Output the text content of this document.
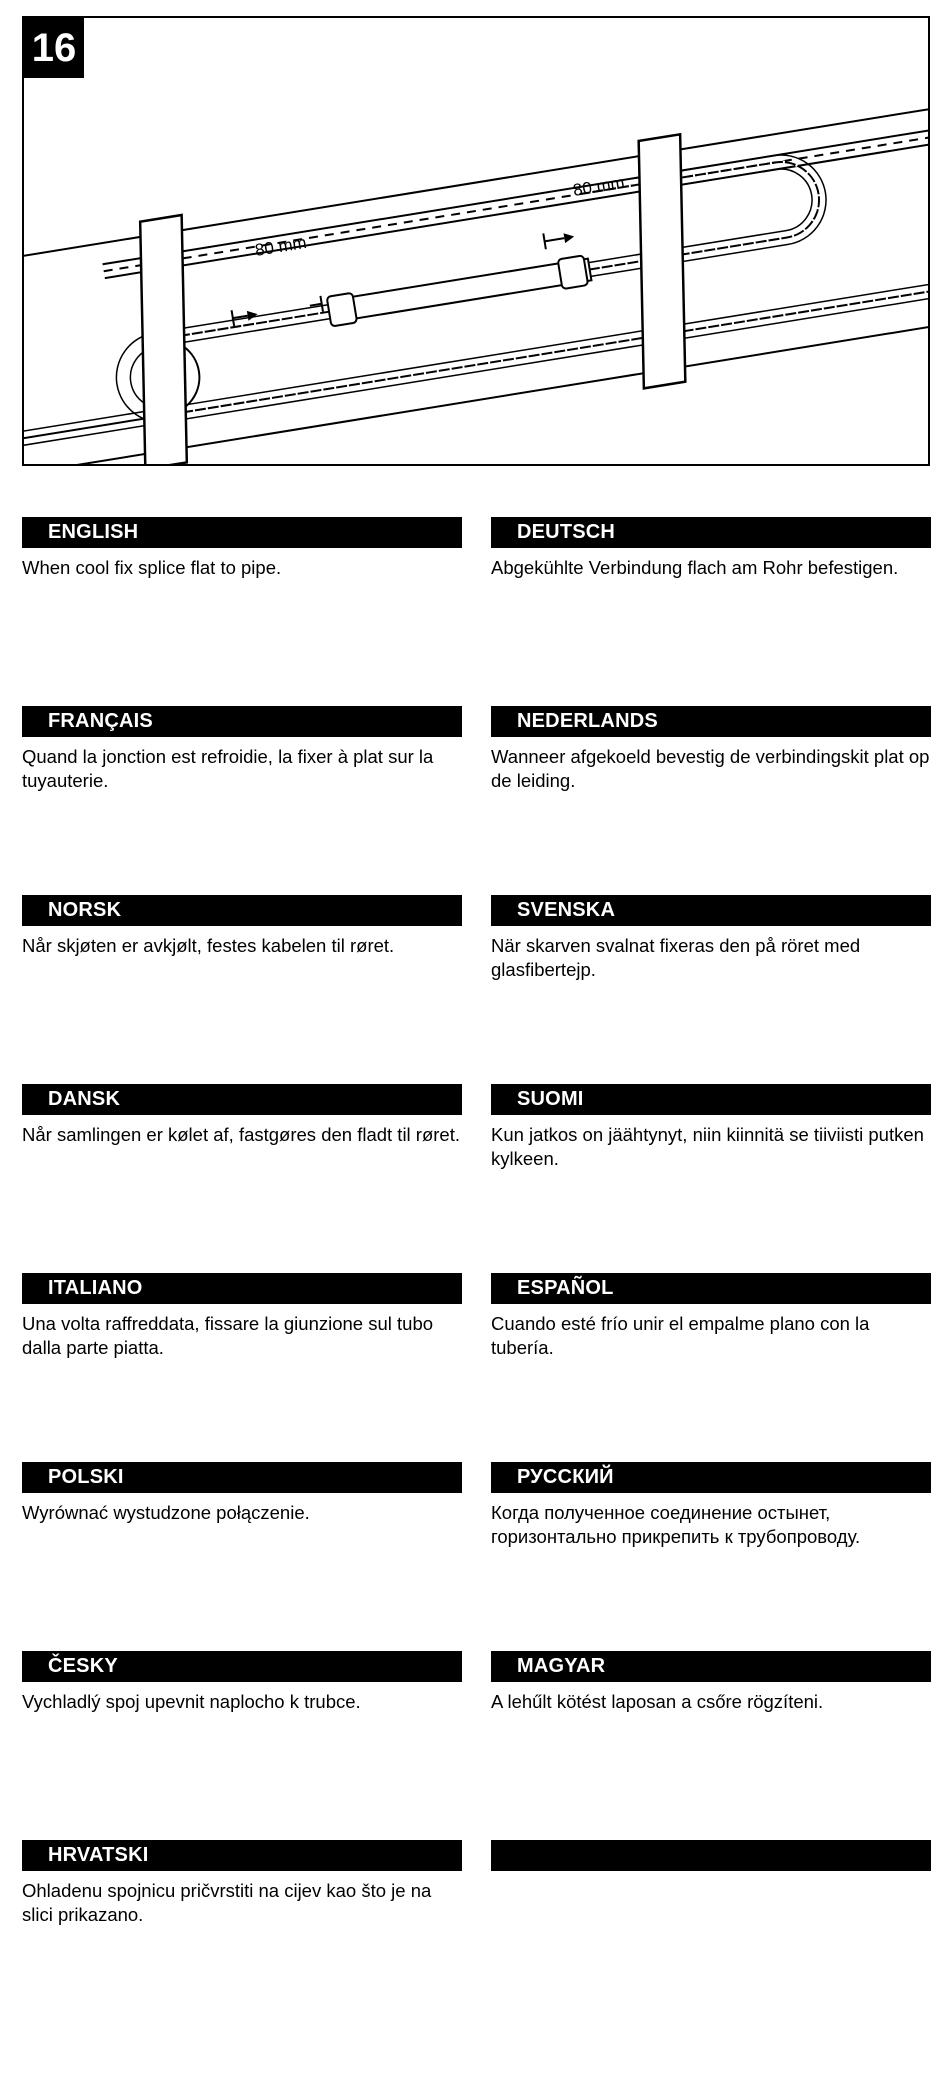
16
80 mm
80 mm
ENGLISH
When cool fix splice flat to pipe.
DEUTSCH
Abgekühlte Verbindung flach am Rohr befestigen.
FRANÇAIS
Quand la jonction est refroidie, la fixer à plat sur la tuyauterie.
NEDERLANDS
Wanneer afgekoeld bevestig de verbindingskit plat op de leiding.
NORSK
Når skjøten er avkjølt, festes kabelen til røret.
SVENSKA
När skarven svalnat fixeras den på röret med glasfibertejp.
DANSK
Når samlingen er kølet af, fastgøres den fladt til røret.
SUOMI
Kun jatkos on jäähtynyt, niin kiinnitä se tiiviisti putken kylkeen.
ITALIANO
Una volta raffreddata, fissare la giunzione sul tubo dalla parte piatta.
ESPAÑOL
Cuando esté frío unir el empalme plano con la tubería.
POLSKI
Wyrównać wystudzone połączenie.
РУССКИЙ
Когда полученное соединение остынет, горизонтально прикрепить к трубопроводу.
ČESKY
Vychladlý spoj upevnit naplocho k trubce.
MAGYAR
A lehűlt kötést laposan a csőre rögzíteni.
HRVATSKI
Ohladenu spojnicu pričvrstiti na cijev kao što je na slici prikazano.
